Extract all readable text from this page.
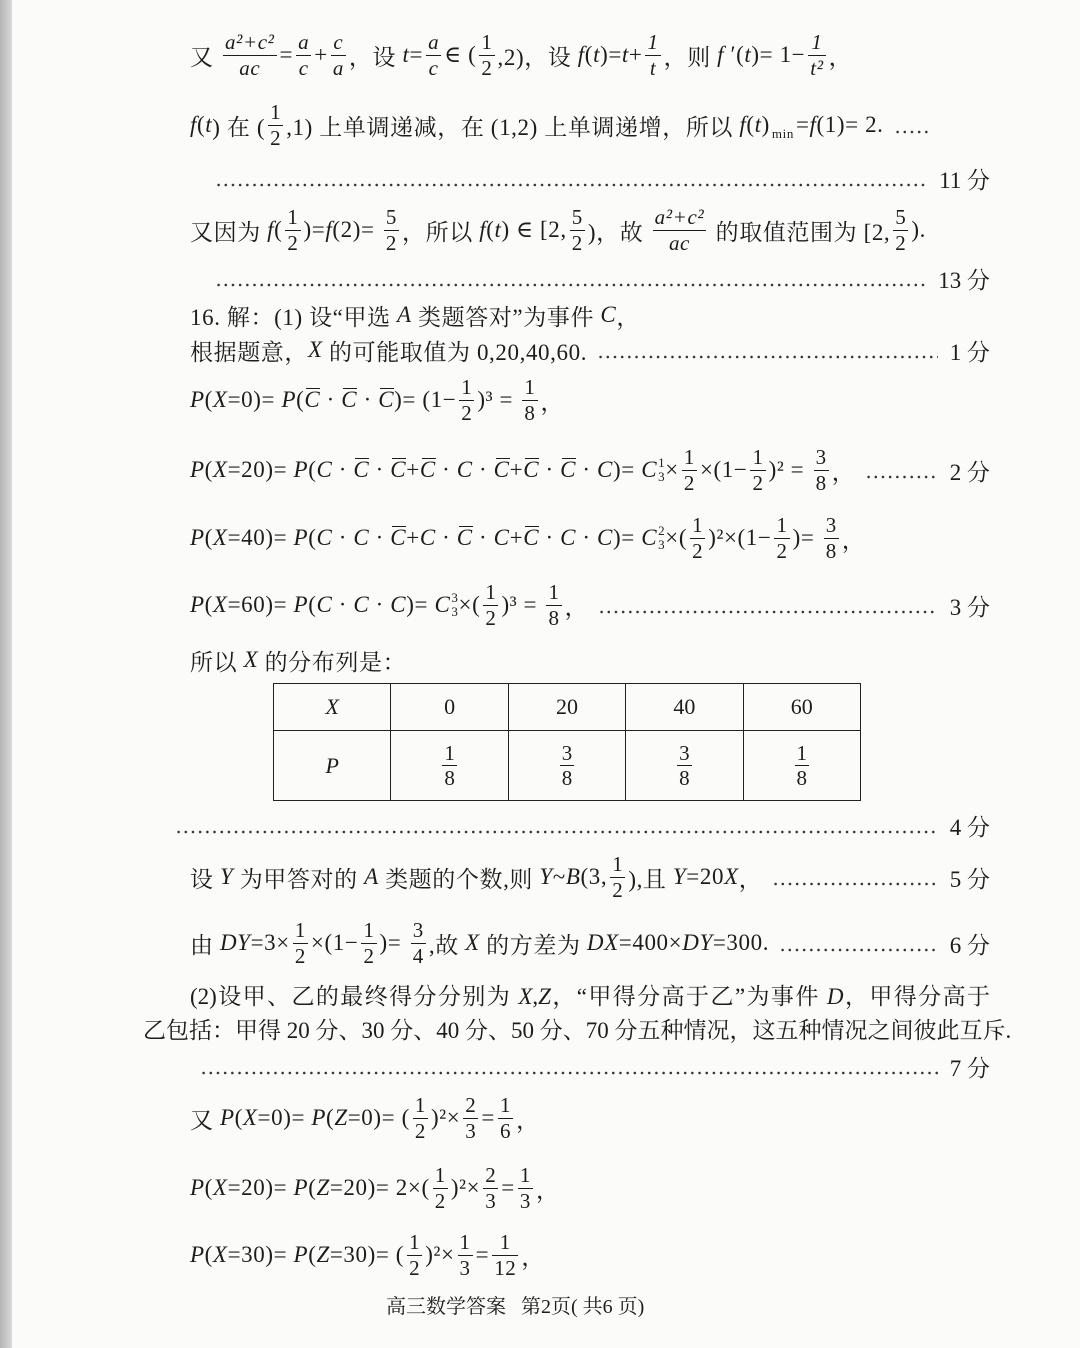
又 $\frac{\text{a²+c²}}{ac} = \frac{a}{c} + \frac{c}{a}$ ，设 $t = \frac{a}{c}$ ∈ ( $\frac{1}{2} ,2$)，设 f ( t )= $t + \frac{1}{t}$ ，则 f ′( t )= $1- \frac{1}{\text{t²}}$ ，
f ( t ) 在 ( $\frac{1}{2} ,1$) 上单调递减，在 (1,2) 上单调递增，所以 f ( t ) min = f (1)= 2.
11 分
又因为 f ( $\frac{1}{2}$ )= f $(2)= \frac{5}{2}$ ，所以 f ( t ) ∈ [2, $\frac{5}{2}$ )，故 $\frac{\text{a²+c²}}{ac}$ 的取值范围为 [2, $\frac{5}{2}$ ).
13 分
16. 解：(1) 设“甲选 A 类题答对”为事件 C ，
根据题意， X 的可能取值为 0,20,40,60.	1 分
P ( X =0)= P ( C · C · C )= $(1- \frac{1}{2} )^3 = \frac{1}{8}$ ，
P ( X =20)= P ( C · C · C + C · C · C + C · C · C )= C 1
$3 \times \frac{1}{2} \times(1- \frac{1}{2} )^2 = \frac{3}{8}$ ，	2 分
P ( X =40)= P ( C · C · C + C · C · C + C · C · C )= C 2
3 ×( $\frac{1}{2} )^2\times(1- \frac{1}{2}$ )= $\frac{3}{8}$ ，
P ( X =60)= P ( C · C · C )= C 3
3 ×( $\frac{1}{2} )^3 = \frac{1}{8}$ ，	3 分
所以 X 的分布列是：
X	0	20	40	60
P	$\frac{1}{8}$	$\frac{3}{8}$	$\frac{3}{8}$	$\frac{1}{8}$
4 分
设 Y 为甲答对的 A 类题的个数,则 Y ~ B (3, $\frac{1}{2}$ ),且 Y =20 X ，	5 分
由 DY $=3\times \frac{1}{2} \times(1- \frac{1}{2}$ )= $\frac{3}{4}$ ,故 X 的方差为 DX =400× DY =300.	6 分
(2)设甲、乙的最终得分分别为 X,Z，“甲得分高于乙”为事件 D，甲得分高于
乙包括：甲得 20 分、30 分、40 分、50 分、70 分五种情况，这五种情况之间彼此互斥.
7 分
又 P ( X =0)= P ( Z =0)= ( $\frac{1}{2} )^2\times \frac{2}{3} = \frac{1}{6}$ ，
P ( X =20)= P ( $Z =20)= 2\times( \frac{1}{2} )^2\times \frac{2}{3} = \frac{1}{3}$ ，
P ( X =30)= P ( Z =30)= ( $\frac{1}{2} )^2\times \frac{1}{3} = \frac{1}{12}$ ，
高三数学答案   第2页( 共6 页)
